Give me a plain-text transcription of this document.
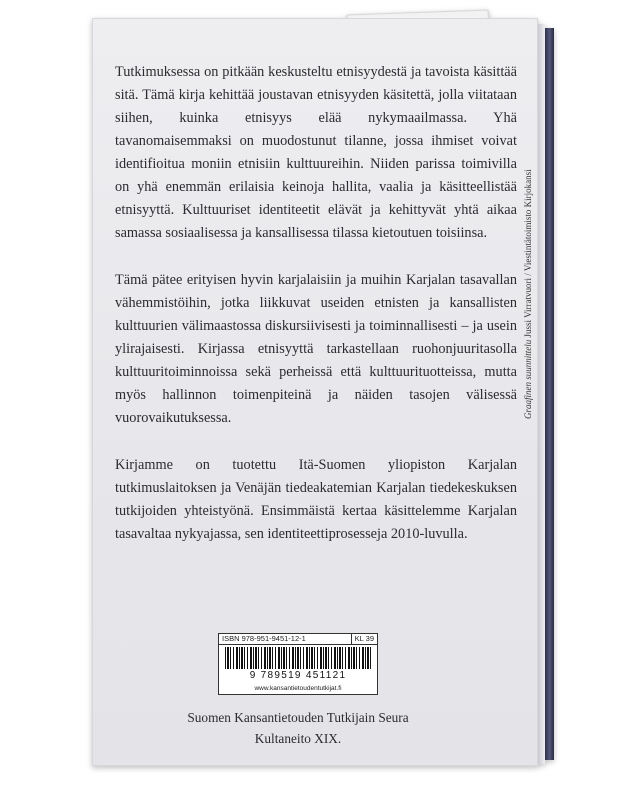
Tutkimuksessa on pitkään keskusteltu etnisyydestä ja tavoista käsittää sitä. Tämä kirja kehittää joustavan etnisyyden käsitettä, jolla viitataan siihen, kuinka etnisyys elää nykymaailmassa. Yhä tavanomaisemmaksi on muodostunut tilanne, jossa ihmiset voivat identifioitua moniin etnisiin kulttuureihin. Niiden parissa toimivilla on yhä enemmän erilaisia keinoja hallita, vaalia ja käsitteellistää etnisyyttä. Kulttuuriset identiteetit elävät ja kehittyvät yhtä aikaa samassa sosiaalisessa ja kansallisessa tilassa kietoutuen toisiinsa.

Tämä pätee erityisen hyvin karjalaisiin ja muihin Karjalan tasavallan vähemmistöihin, jotka liikkuvat useiden etnisten ja kansallisten kulttuurien välimaastossa diskursiivisesti ja toiminnallisesti – ja usein ylirajaisesti. Kirjassa etnisyyttä tarkastellaan ruohonjuuritasolla kulttuuritoiminnoissa sekä perheissä että kulttuurituotteissa, mutta myös hallinnon toimenpiteinä ja näiden tasojen välisessä vuorovaikutuksessa.

Kirjamme on tuotettu Itä-Suomen yliopiston Karjalan tutkimuslaitoksen ja Venäjän tiedeakatemian Karjalan tiedekeskuksen tutkijoiden yhteistyönä. Ensimmäistä kertaa käsittelemme Karjalan tasavaltaa nykyajassa, sen identiteettiprosesseja 2010-luvulla.

ISBN 978-951-9451-12-1	KL 39
9 789519 451121
www.kansantietoudentutkijat.fi
Suomen Kansantietouden Tutkijain Seura
Kultaneito XIX.
Graafinen suunnittelu Jussi Virratvuori / Viestintätoimisto Kirjokansi
